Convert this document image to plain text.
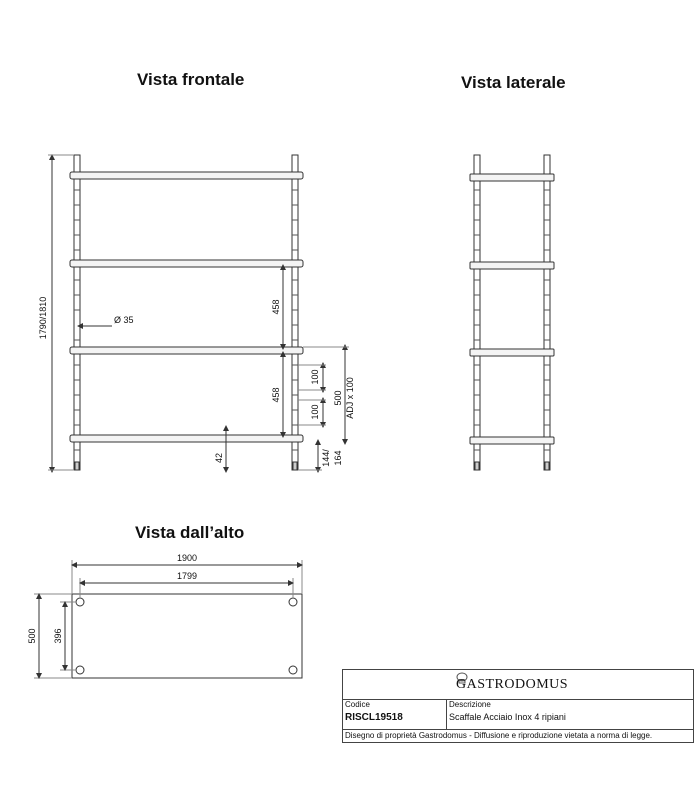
Vista frontale	Vista laterale
Vista dall’alto
1790/1810	Ø 35
458
458
100
100
500 ADJ x 100
42	144/ 164
1900
1799
500 396
GASTRODOMUS
Codice
RISCL19518
Descrizione
Scaffale Acciaio Inox 4 ripiani
Disegno di proprietà Gastrodomus - Diffusione e riproduzione vietata a norma di legge.
